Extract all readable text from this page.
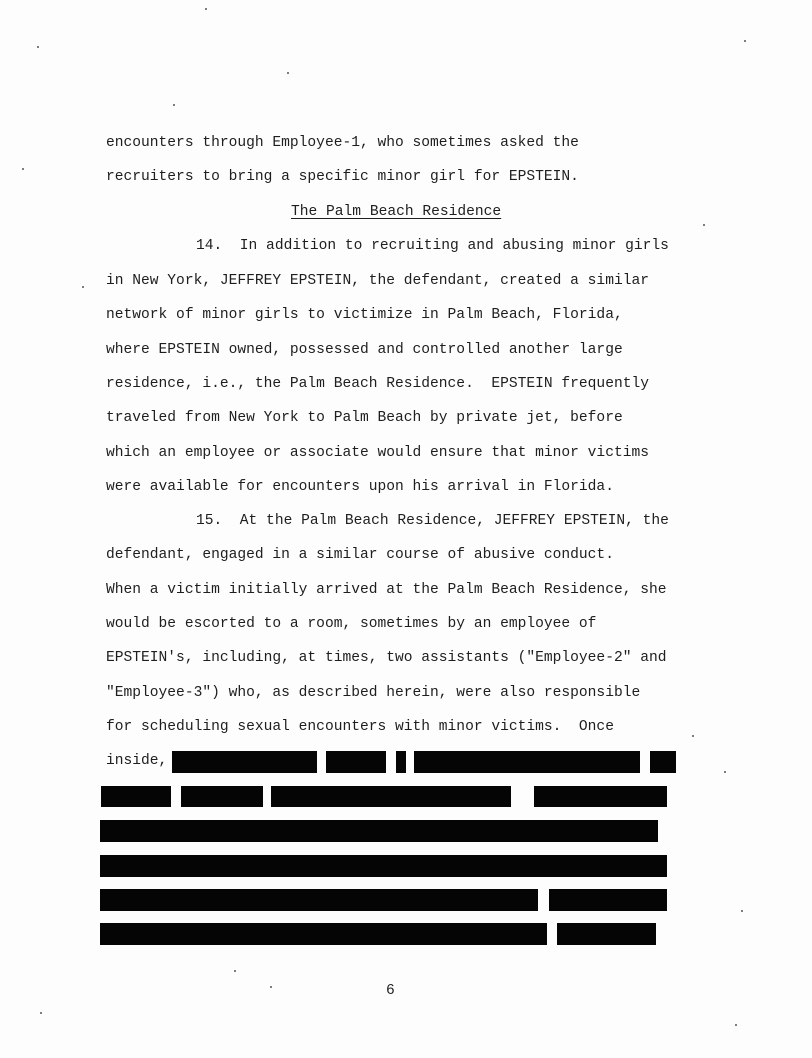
encounters through Employee-1, who sometimes asked the
recruiters to bring a specific minor girl for EPSTEIN.
The Palm Beach Residence
14.  In addition to recruiting and abusing minor girls
in New York, JEFFREY EPSTEIN, the defendant, created a similar
network of minor girls to victimize in Palm Beach, Florida,
where EPSTEIN owned, possessed and controlled another large
residence, i.e., the Palm Beach Residence.  EPSTEIN frequently
traveled from New York to Palm Beach by private jet, before
which an employee or associate would ensure that minor victims
were available for encounters upon his arrival in Florida.
15.  At the Palm Beach Residence, JEFFREY EPSTEIN, the
defendant, engaged in a similar course of abusive conduct.
When a victim initially arrived at the Palm Beach Residence, she
would be escorted to a room, sometimes by an employee of
EPSTEIN's, including, at times, two assistants ("Employee-2" and
"Employee-3") who, as described herein, were also responsible
for scheduling sexual encounters with minor victims.  Once
inside,
6
